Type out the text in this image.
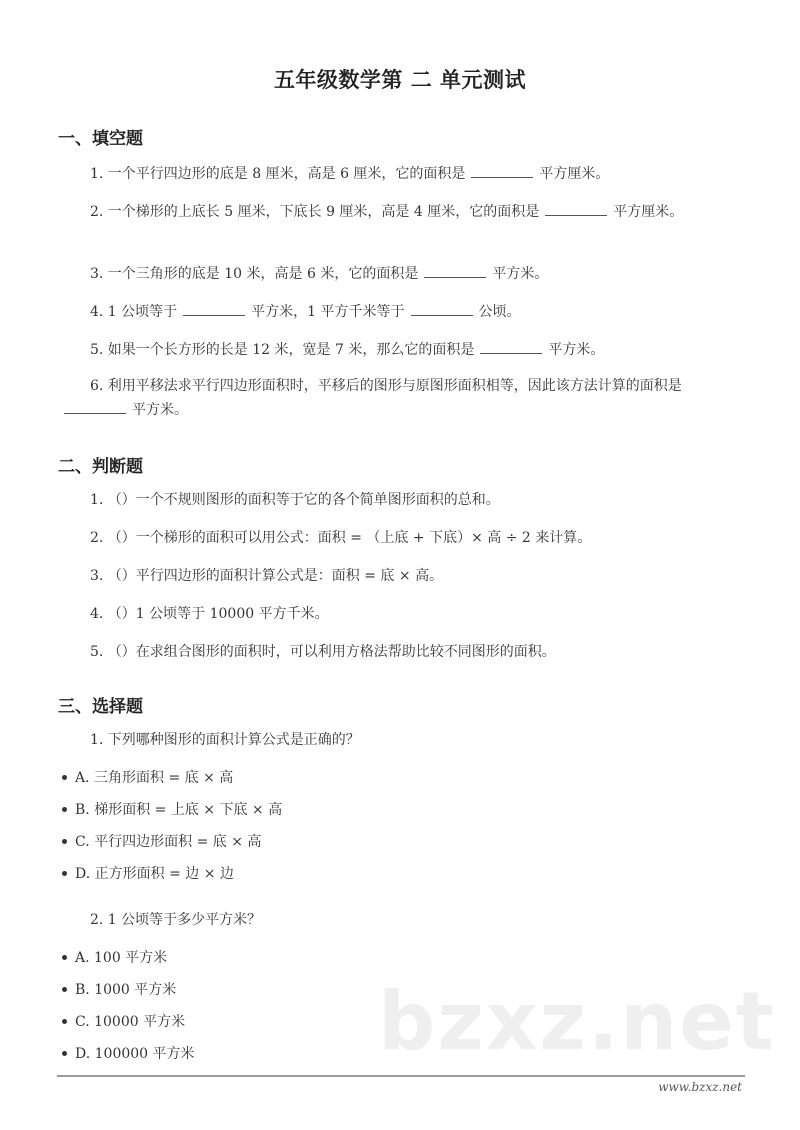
五年级数学第 二 单元测试
一、填空题
1. 一个平行四边形的底是 8 厘米，高是 6 厘米，它的面积是	平方厘米。
2. 一个梯形的上底长 5 厘米，下底长 9 厘米，高是 4 厘米，它的面积是	平方厘米。
3. 一个三角形的底是 10 米，高是 6 米，它的面积是	平方米。
4. 1 公顷等于	平方米，1 平方千米等于	公顷。
5. 如果一个长方形的长是 12 米，宽是 7 米，那么它的面积是	平方米。
6. 利用平移法求平行四边形面积时，平移后的图形与原图形面积相等，因此该方法计算的面积是平方米。
二、判断题
1. （）一个不规则图形的面积等于它的各个简单图形面积的总和。
2. （）一个梯形的面积可以用公式：面积 = （上底 + 下底）× 高 ÷ 2 来计算。
3. （）平行四边形的面积计算公式是：面积 = 底 × 高。
4. （）1 公顷等于 10000 平方千米。
5. （）在求组合图形的面积时，可以利用方格法帮助比较不同图形的面积。
三、选择题
1. 下列哪种图形的面积计算公式是正确的？
A. 三角形面积 = 底 × 高
B. 梯形面积 = 上底 × 下底 × 高
C. 平行四边形面积 = 底 × 高
D. 正方形面积 = 边 × 边
2. 1 公顷等于多少平方米？
A. 100 平方米
B. 1000 平方米
C. 10000 平方米
D. 100000 平方米 bzxz.net
www.bzxz.net
